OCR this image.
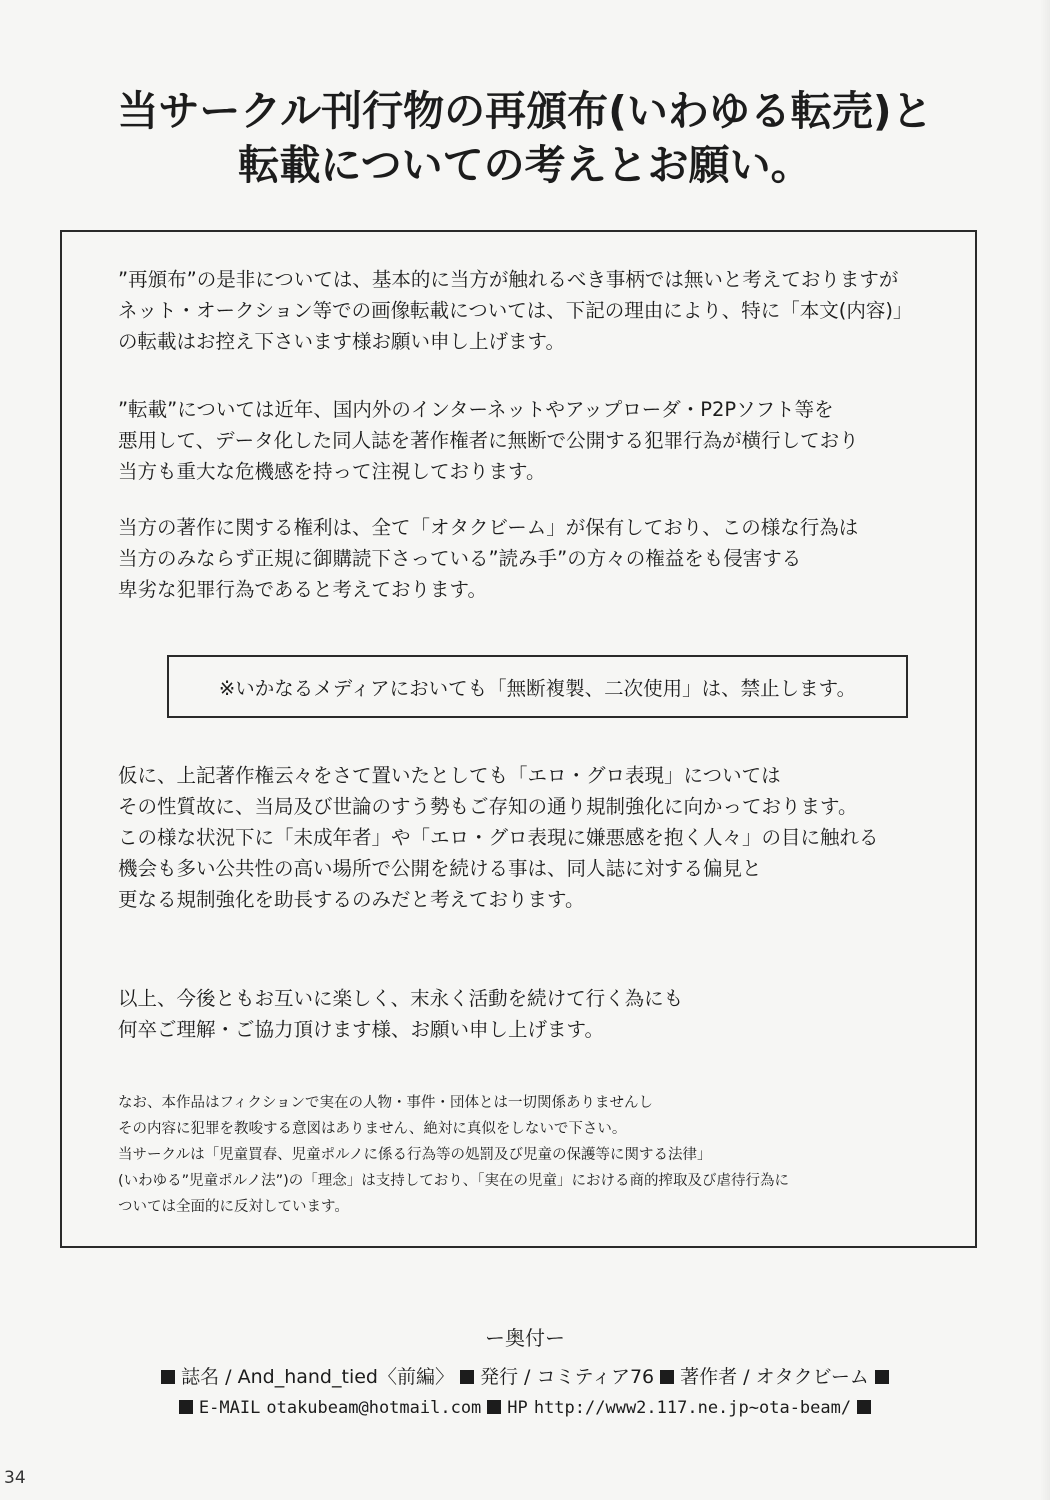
当サークル刊行物の再頒布(いわゆる転売)と
転載についての考えとお願い。

”再頒布”の是非については、基本的に当方が触れるべき事柄では無いと考えておりますが
ネット・オークション等での画像転載については、下記の理由により、特に「本文(内容)」
の転載はお控え下さいます様お願い申し上げます。

”転載”については近年、国内外のインターネットやアップローダ・P2Pソフト等を
悪用して、データ化した同人誌を著作権者に無断で公開する犯罪行為が横行しており
当方も重大な危機感を持って注視しております。

当方の著作に関する権利は、全て「オタクビーム」が保有しており、この様な行為は
当方のみならず正規に御購読下さっている”読み手”の方々の権益をも侵害する
卑劣な犯罪行為であると考えております。

※いかなるメディアにおいても「無断複製、二次使用」は、禁止します。

仮に、上記著作権云々をさて置いたとしても「エロ・グロ表現」については
その性質故に、当局及び世論のすう勢もご存知の通り規制強化に向かっております。
この様な状況下に「未成年者」や「エロ・グロ表現に嫌悪感を抱く人々」の目に触れる
機会も多い公共性の高い場所で公開を続ける事は、同人誌に対する偏見と
更なる規制強化を助長するのみだと考えております。

以上、今後ともお互いに楽しく、末永く活動を続けて行く為にも
何卒ご理解・ご協力頂けます様、お願い申し上げます。

なお、本作品はフィクションで実在の人物・事件・団体とは一切関係ありませんし
その内容に犯罪を教唆する意図はありません、絶対に真似をしないで下さい。
当サークルは「児童買春、児童ポルノに係る行為等の処罰及び児童の保護等に関する法律」
(いわゆる”児童ポルノ法”)の「理念」は支持しており、「実在の児童」における商的搾取及び虐待行為に
ついては全面的に反対しています。

ー奥付ー
誌名 / And_hand_tied〈前編〉 発行 / コミティア76 著作者 / オタクビーム
E-MAIL otakubeam@hotmail.com HP http://www2.117.ne.jp~ota-beam/
34
